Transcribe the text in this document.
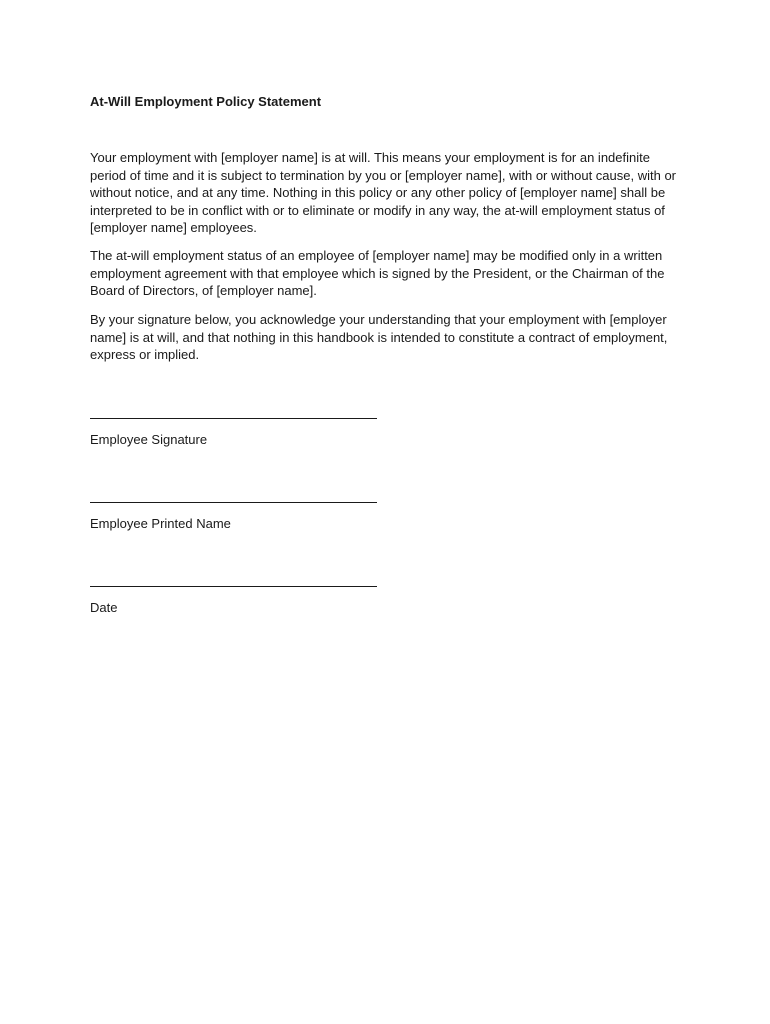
At-Will Employment Policy Statement

Your employment with [employer name] is at will. This means your employment is for an indefinite period of time and it is subject to termination by you or [employer name], with or without cause, with or without notice, and at any time. Nothing in this policy or any other policy of [employer name] shall be interpreted to be in conflict with or to eliminate or modify in any way, the at-will employment status of [employer name] employees.

The at-will employment status of an employee of [employer name] may be modified only in a written employment agreement with that employee which is signed by the President, or the Chairman of the Board of Directors, of [employer name].

By your signature below, you acknowledge your understanding that your employment with [employer name] is at will, and that nothing in this handbook is intended to constitute a contract of employment, express or implied.

Employee Signature

Employee Printed Name

Date
